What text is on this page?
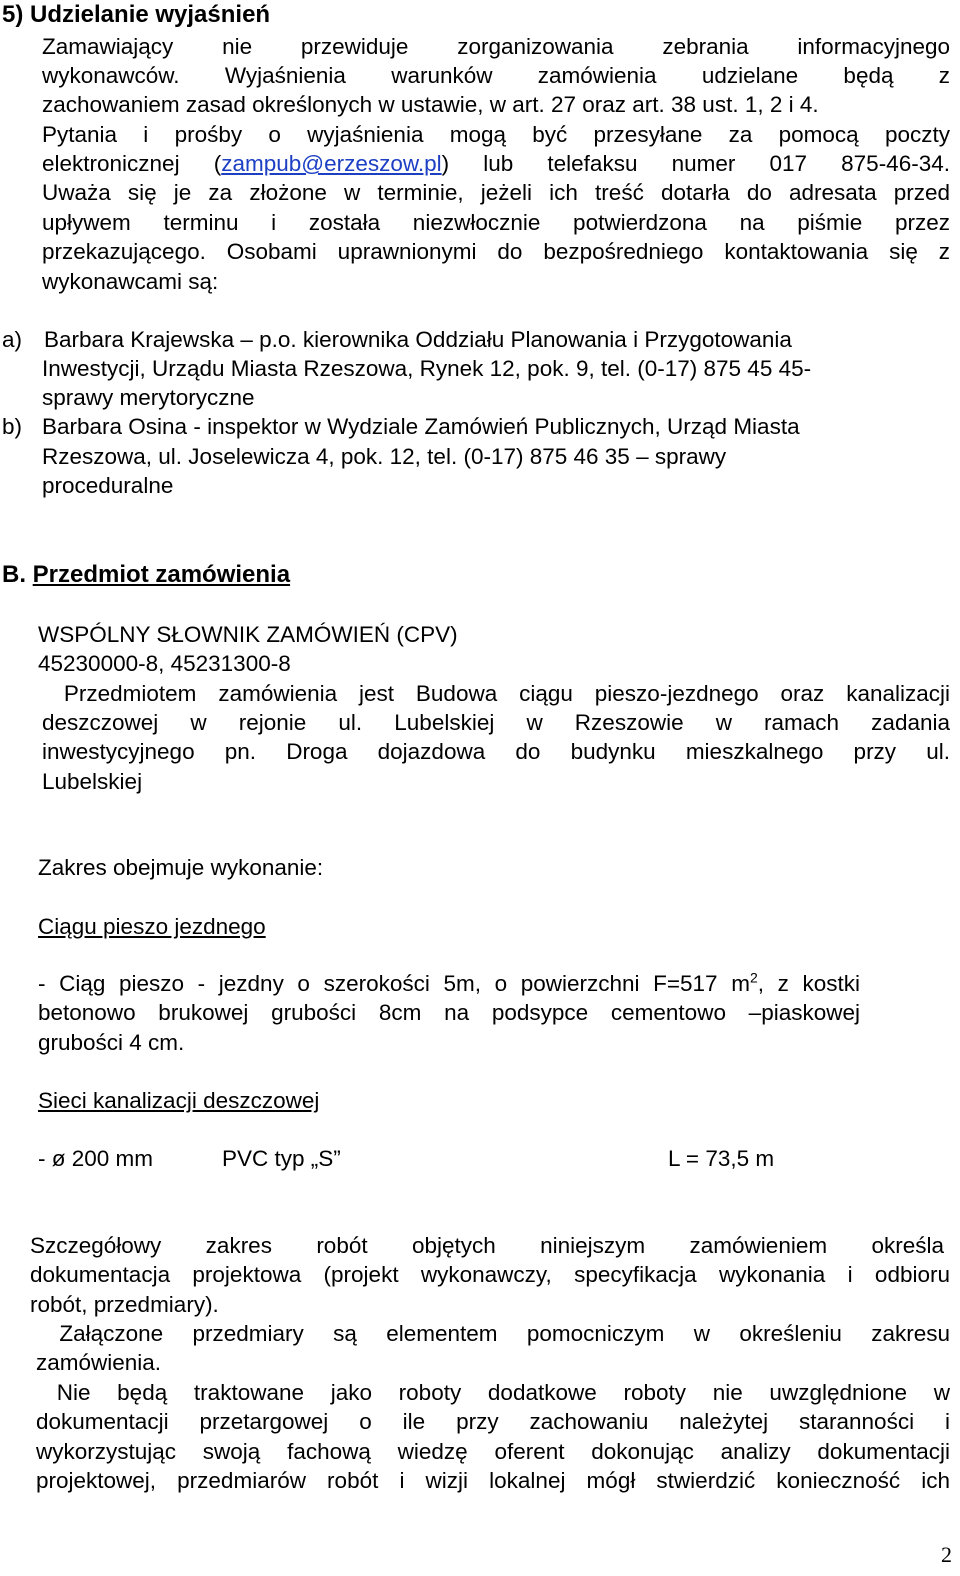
5) Udzielanie wyjaśnień
Zamawiający nie przewiduje zorganizowania zebrania informacyjnego
wykonawców. Wyjaśnienia warunków zamówienia udzielane będą z
zachowaniem zasad określonych w ustawie, w art. 27 oraz art. 38 ust. 1, 2 i 4.
Pytania i prośby o wyjaśnienia mogą być przesyłane za pomocą poczty
elektronicznej (zampub@erzeszow.pl) lub telefaksu numer 017 875-46-34.
Uważa się je za złożone w terminie, jeżeli ich treść dotarła do adresata przed
upływem terminu i została niezwłocznie potwierdzona na piśmie przez
przekazującego. Osobami uprawnionymi do bezpośredniego kontaktowania się z
wykonawcami są:
a) Barbara Krajewska – p.o. kierownika Oddziału Planowania i Przygotowania
Inwestycji, Urządu Miasta Rzeszowa, Rynek 12, pok. 9, tel. (0-17) 875 45 45-
sprawy merytoryczne
b) Barbara Osina - inspektor w Wydziale Zamówień Publicznych, Urząd Miasta
Rzeszowa, ul. Joselewicza 4, pok. 12, tel. (0-17) 875 46 35 – sprawy
proceduralne
B. Przedmiot zamówienia
WSPÓLNY SŁOWNIK ZAMÓWIEŃ (CPV)
45230000-8, 45231300-8
Przedmiotem zamówienia jest Budowa ciągu pieszo-jezdnego oraz kanalizacji
deszczowej w rejonie ul. Lubelskiej w Rzeszowie w ramach zadania
inwestycyjnego pn. Droga dojazdowa do budynku mieszkalnego przy ul.
Lubelskiej
Zakres obejmuje wykonanie:
Ciągu pieszo jezdnego
- Ciąg pieszo - jezdny o szerokości 5m, o powierzchni F=517 $m^2$, z kostki
betonowo brukowej grubości 8cm na podsypce cementowo –piaskowej
grubości 4 cm.
Sieci kanalizacji deszczowej
- ø 200 mm	PVC typ „S”	L = 73,5 m
Szczegółowy zakres robót objętych niniejszym zamówieniem określa
dokumentacja projektowa (projekt wykonawczy, specyfikacja wykonania i odbioru
robót, przedmiary).
Załączone przedmiary są elementem pomocniczym w określeniu zakresu
zamówienia.
Nie będą traktowane jako roboty dodatkowe roboty nie uwzględnione w
dokumentacji przetargowej o ile przy zachowaniu należytej staranności i
wykorzystując swoją fachową wiedzę oferent dokonując analizy dokumentacji
projektowej, przedmiarów robót i wizji lokalnej mógł stwierdzić konieczność ich
2
